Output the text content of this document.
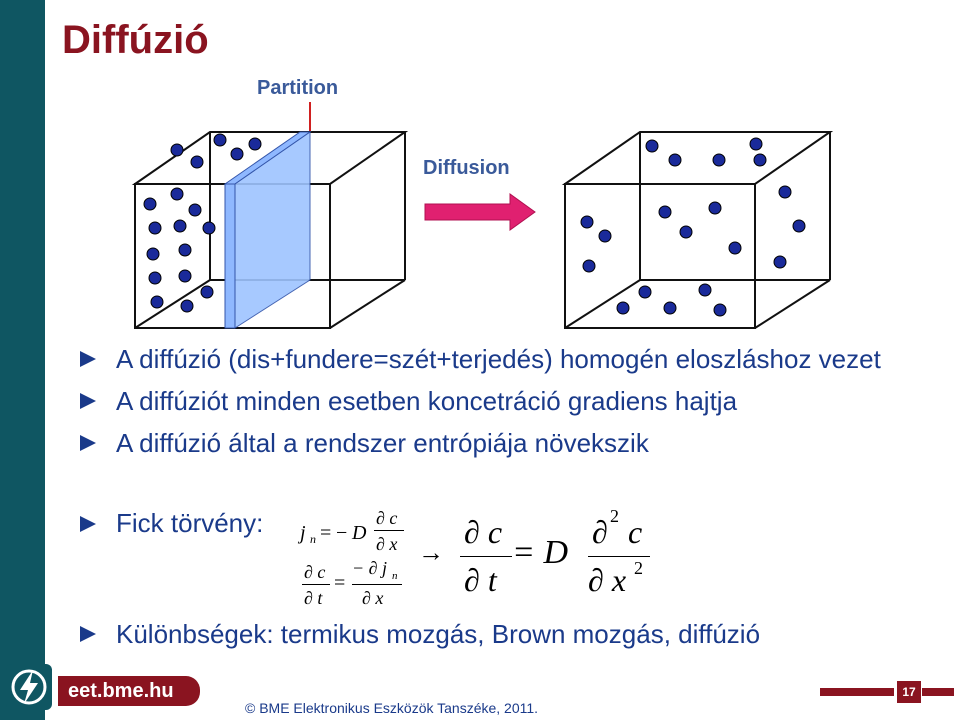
Diffúzió
Partition
Diffusion
A diffúzió (dis+fundere=szét+terjedés) homogén eloszláshoz vezet
A diffúziót minden esetben koncetráció gradiens hajtja
A diffúzió által a rendszer entrópiája növekszik
Fick törvény: j n = − D
∂ c
∂ x
∂ c
∂ t
=
− ∂ j n
∂ x
→
∂ c
∂ t
= D
∂ 2 c
∂ x 2
Különbségek: termikus mozgás, Brown mozgás, diffúzió
eet.bme.hu
© BME Elektronikus Eszközök Tanszéke, 2011.
17
